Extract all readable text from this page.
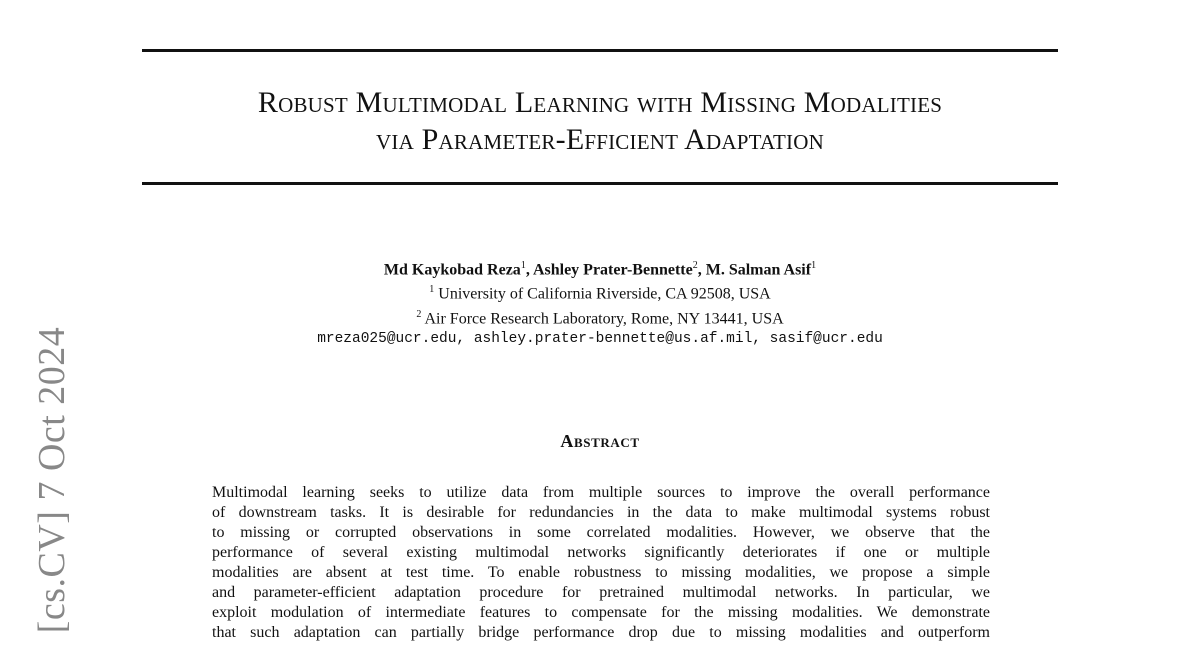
[cs.CV] 7 Oct 2024
Robust Multimodal Learning with Missing Modalities
via Parameter-Efficient Adaptation
Md Kaykobad Reza$^1$, Ashley Prater-Bennette$^2$, M. Salman Asif$^1$
$^1$ University of California Riverside, CA 92508, USA
$^2$ Air Force Research Laboratory, Rome, NY 13441, USA
mreza025@ucr.edu, ashley.prater-bennette@us.af.mil, sasif@ucr.edu
Abstract
Multimodal learning seeks to utilize data from multiple sources to improve the overall performance
of downstream tasks. It is desirable for redundancies in the data to make multimodal systems robust
to missing or corrupted observations in some correlated modalities. However, we observe that the
performance of several existing multimodal networks significantly deteriorates if one or multiple
modalities are absent at test time. To enable robustness to missing modalities, we propose a simple
and parameter-efficient adaptation procedure for pretrained multimodal networks. In particular, we
exploit modulation of intermediate features to compensate for the missing modalities. We demonstrate
that such adaptation can partially bridge performance drop due to missing modalities and outperform
